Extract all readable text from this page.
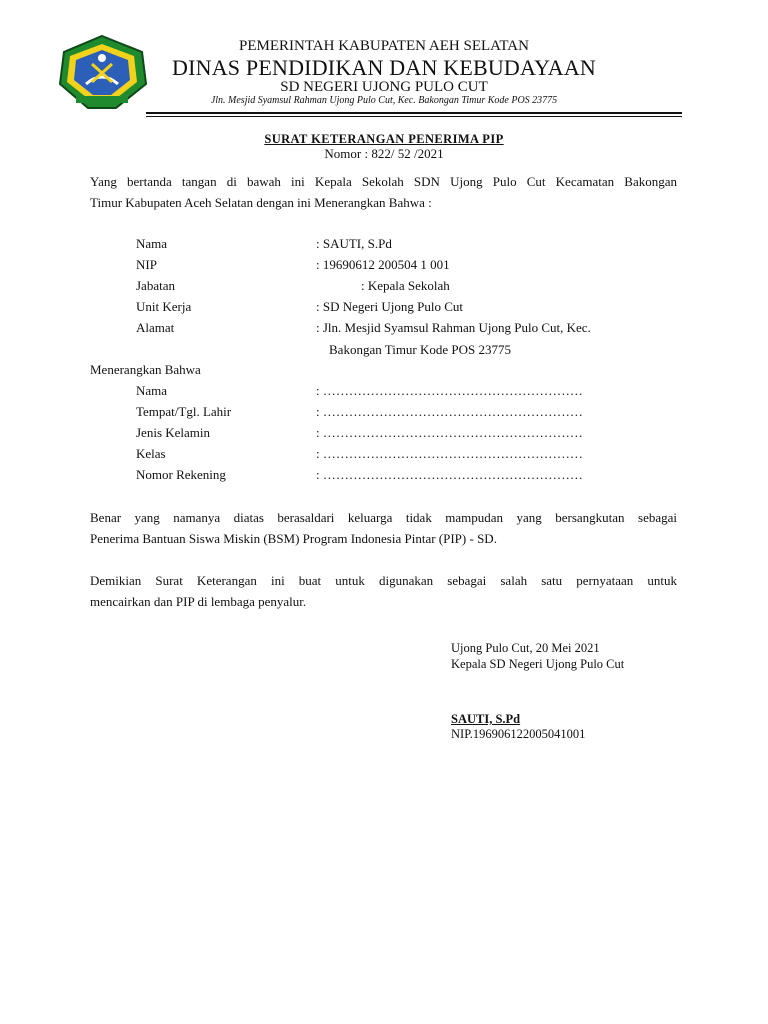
PEMERINTAH KABUPATEN AEH SELATAN
DINAS PENDIDIKAN DAN KEBUDAYAAN
SD NEGERI UJONG PULO CUT
Jln. Mesjid Syamsul Rahman Ujong Pulo Cut, Kec. Bakongan Timur Kode POS 23775
SURAT KETERANGAN PENERIMA PIP
Nomor : 822/ 52 /2021
Yang bertanda tangan di bawah ini Kepala Sekolah SDN Ujong Pulo Cut Kecamatan Bakongan
Timur Kabupaten Aceh Selatan dengan ini Menerangkan Bahwa :
Nama	: SAUTI, S.Pd
NIP	: 19690612 200504 1 001
Jabatan	: Kepala Sekolah
Unit Kerja	: SD Negeri Ujong Pulo Cut
Alamat	: Jln. Mesjid Syamsul Rahman Ujong Pulo Cut, Kec.
Bakongan Timur Kode POS 23775
Menerangkan Bahwa
Nama	: ……………………………………………………
Tempat/Tgl. Lahir	: ……………………………………………………
Jenis Kelamin	: ……………………………………………………
Kelas	: ……………………………………………………
Nomor Rekening	: ……………………………………………………
Benar yang namanya diatas berasaldari keluarga tidak mampudan yang bersangkutan sebagai
Penerima Bantuan Siswa Miskin (BSM) Program Indonesia Pintar (PIP) - SD.
Demikian Surat Keterangan ini buat untuk digunakan sebagai salah satu pernyataan untuk
mencairkan dan PIP di lembaga penyalur.
Ujong Pulo Cut, 20 Mei 2021
Kepala SD Negeri Ujong Pulo Cut
SAUTI, S.Pd
NIP.196906122005041001
